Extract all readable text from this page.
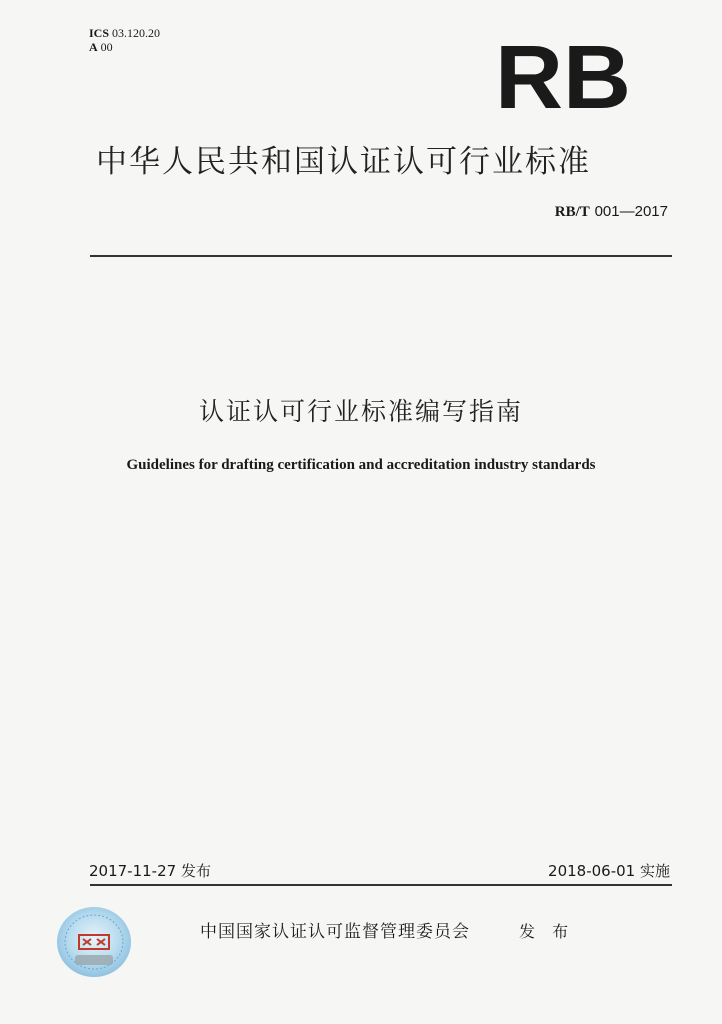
ICS 03.120.20
A 00	RB
中华人民共和国认证认可行业标准
RB/T 001—2017
认证认可行业标准编写指南
Guidelines for drafting certification and accreditation industry standards
2017-11-27 发布	2018-06-01 实施
中国国家认证认可监督管理委员会	发 布
